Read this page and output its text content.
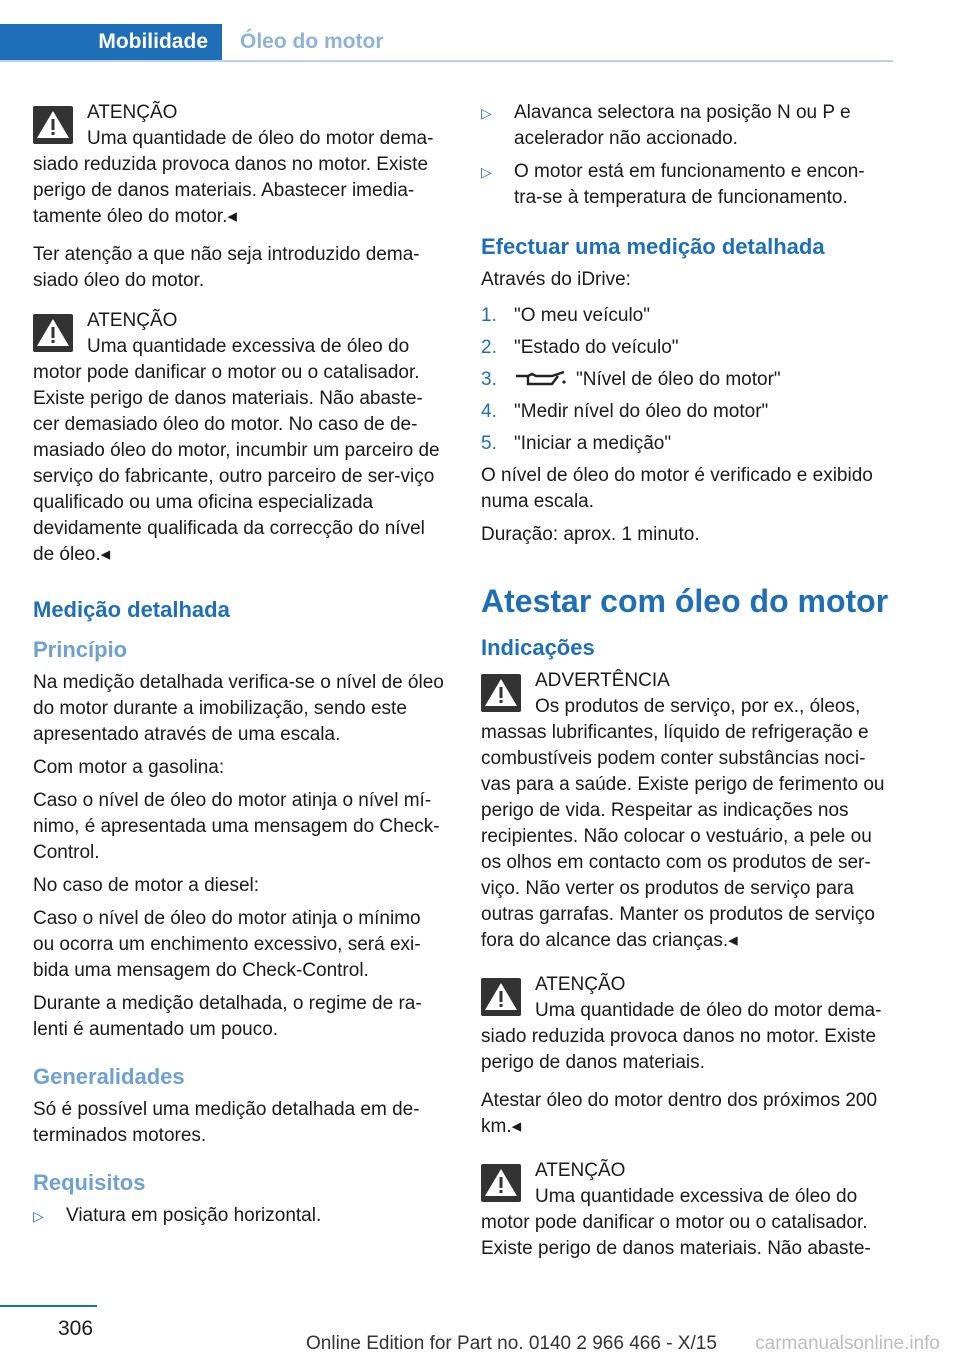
Mobilidade	Óleo do motor
ATENÇÃO
Uma quantidade de óleo do motor dema-siado reduzida provoca danos no motor. Existe perigo de danos materiais. Abastecer imedia-tamente óleo do motor.◂

Ter atenção a que não seja introduzido dema-siado óleo do motor.

ATENÇÃO
Uma quantidade excessiva de óleo do motor pode danificar o motor ou o catalisador. Existe perigo de danos materiais. Não abaste-cer demasiado óleo do motor. No caso de de-masiado óleo do motor, incumbir um parceiro de serviço do fabricante, outro parceiro de ser-viço qualificado ou uma oficina especializada devidamente qualificada da correcção do nível de óleo.◂
Medição detalhada
Princípio

Na medição detalhada verifica-se o nível de óleo do motor durante a imobilização, sendo este apresentado através de uma escala.

Com motor a gasolina:

Caso o nível de óleo do motor atinja o nível mí-nimo, é apresentada uma mensagem do Check-Control.

No caso de motor a diesel:

Caso o nível de óleo do motor atinja o mínimo ou ocorra um enchimento excessivo, será exi-bida uma mensagem do Check-Control.

Durante a medição detalhada, o regime de ra-lenti é aumentado um pouco.

Generalidades

Só é possível uma medição detalhada em de-terminados motores.

Requisitos
▷	Viatura em posição horizontal.
▷	Alavanca selectora na posição N ou P e acelerador não accionado.
▷	O motor está em funcionamento e encon-tra-se à temperatura de funcionamento.
Efectuar uma medição detalhada

Através do iDrive:

1. "O meu veículo"
2. "Estado do veículo"
3.	"Nível de óleo do motor"
4. "Medir nível do óleo do motor"
5. "Iniciar a medição"

O nível de óleo do motor é verificado e exibido numa escala.

Duração: aprox. 1 minuto.

Atestar com óleo do motor
Indicações
ADVERTÊNCIA
Os produtos de serviço, por ex., óleos, massas lubrificantes, líquido de refrigeração e combustíveis podem conter substâncias noci-vas para a saúde. Existe perigo de ferimento ou perigo de vida. Respeitar as indicações nos recipientes. Não colocar o vestuário, a pele ou os olhos em contacto com os produtos de ser-viço. Não verter os produtos de serviço para outras garrafas. Manter os produtos de serviço fora do alcance das crianças.◂
ATENÇÃO
Uma quantidade de óleo do motor dema-siado reduzida provoca danos no motor. Existe perigo de danos materiais.

Atestar óleo do motor dentro dos próximos 200 km.◂

ATENÇÃO
Uma quantidade excessiva de óleo do motor pode danificar o motor ou o catalisador. Existe perigo de danos materiais. Não abaste-
306
Online Edition for Part no. 0140 2 966 466 - X/15 carmanualsonline.info
